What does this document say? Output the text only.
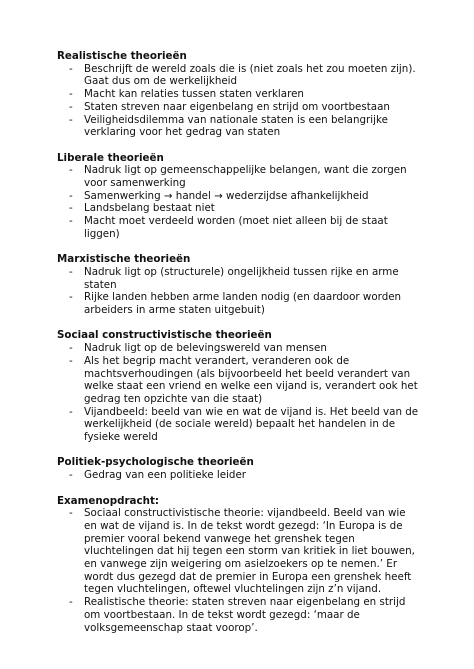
Realistische theorieën
- Beschrijft de wereld zoals die is (niet zoals het zou moeten zijn). Gaat dus om de werkelijkheid
- Macht kan relaties tussen staten verklaren
- Staten streven naar eigenbelang en strijd om voortbestaan
- Veiligheidsdilemma van nationale staten is een belangrijke verklaring voor het gedrag van staten
Liberale theorieën
- Nadruk ligt op gemeenschappelijke belangen, want die zorgen voor samenwerking
- Samenwerking → handel → wederzijdse afhankelijkheid
- Landsbelang bestaat niet
- Macht moet verdeeld worden (moet niet alleen bij de staat liggen)
Marxistische theorieën
- Nadruk ligt op (structurele) ongelijkheid tussen rijke en arme staten
- Rijke landen hebben arme landen nodig (en daardoor worden arbeiders in arme staten uitgebuit)
Sociaal constructivistische theorieën
- Nadruk ligt op de belevingswereld van mensen
- Als het begrip macht verandert, veranderen ook de machtsverhoudingen (als bijvoorbeeld het beeld verandert van welke staat een vriend en welke een vijand is, verandert ook het gedrag ten opzichte van die staat)
- Vijandbeeld: beeld van wie en wat de vijand is. Het beeld van de werkelijkheid (de sociale wereld) bepaalt het handelen in de fysieke wereld
Politiek-psychologische theorieën
- Gedrag van een politieke leider
Examenopdracht:
- Sociaal constructivistische theorie: vijandbeeld. Beeld van wie en wat de vijand is. In de tekst wordt gezegd: ‘In Europa is de premier vooral bekend vanwege het grenshek tegen vluchtelingen dat hij tegen een storm van kritiek in liet bouwen, en vanwege zijn weigering om asielzoekers op te nemen.’ Er wordt dus gezegd dat de premier in Europa een grenshek heeft tegen vluchtelingen, oftewel vluchtelingen zijn z’n vijand.
- Realistische theorie: staten streven naar eigenbelang en strijd om voortbestaan. In de tekst wordt gezegd: ‘maar de volksgemeenschap staat voorop’.
